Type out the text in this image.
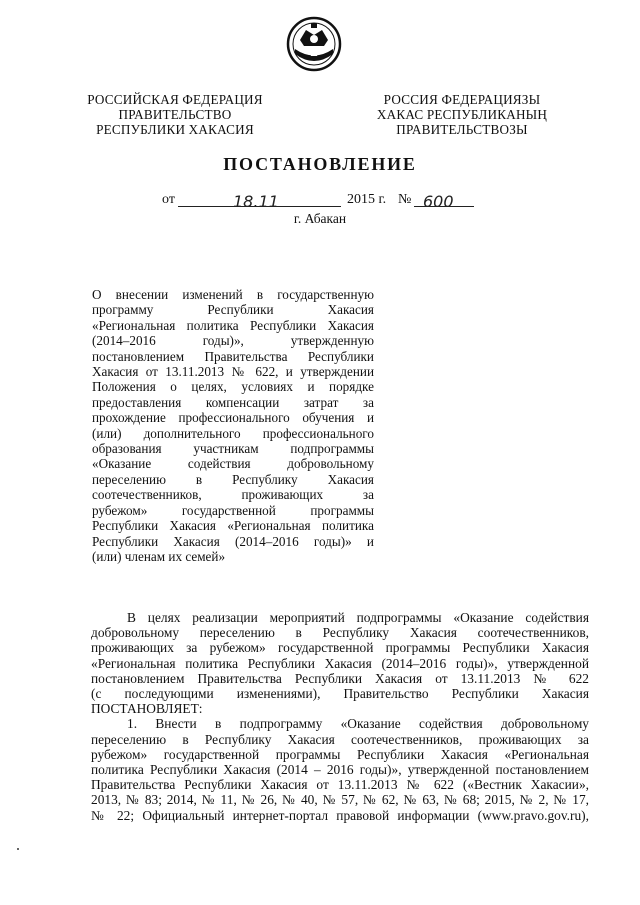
РОССИЙСКАЯ ФЕДЕРАЦИЯ
ПРАВИТЕЛЬСТВО
РЕСПУБЛИКИ ХАКАСИЯ
РОССИЯ ФЕДЕРАЦИЯЗЫ
ХАКАС РЕСПУБЛИКАНЫҢ
ПРАВИТЕЛЬСТВОЗЫ
ПОСТАНОВЛЕНИЕ
от	18.11	2015 г. № 600
г. Абакан
О внесении изменений в государственную
программу Республики Хакасия
«Региональная политика Республики Хакасия
(2014–2016 годы)», утвержденную
постановлением Правительства Республики
Хакасия от 13.11.2013 № 622, и утверждении
Положения о целях, условиях и порядке
предоставления компенсации затрат за
прохождение профессионального обучения и
(или) дополнительного профессионального
образования участникам подпрограммы
«Оказание содействия добровольному
переселению в Республику Хакасия
соотечественников, проживающих за
рубежом» государственной программы
Республики Хакасия «Региональная политика
Республики Хакасия (2014–2016 годы)» и
(или) членам их семей»
В целях реализации мероприятий подпрограммы «Оказание содействия
добровольному переселению в Республику Хакасия соотечественников,
проживающих за рубежом» государственной программы Республики Хакасия
«Региональная политика Республики Хакасия (2014–2016 годы)», утвержденной
постановлением Правительства Республики Хакасия от 13.11.2013 № 622
(с последующими изменениями), Правительство Республики Хакасия
ПОСТАНОВЛЯЕТ:
1. Внести в подпрограмму «Оказание содействия добровольному
переселению в Республику Хакасия соотечественников, проживающих за
рубежом» государственной программы Республики Хакасия «Региональная
политика Республики Хакасия (2014 – 2016 годы)», утвержденной постановлением
Правительства Республики Хакасия от 13.11.2013 № 622 («Вестник Хакасии»,
2013, № 83; 2014, № 11, № 26, № 40, № 57, № 62, № 63, № 68; 2015, № 2, № 17,
№ 22; Официальный интернет-портал правовой информации (www.pravo.gov.ru),
